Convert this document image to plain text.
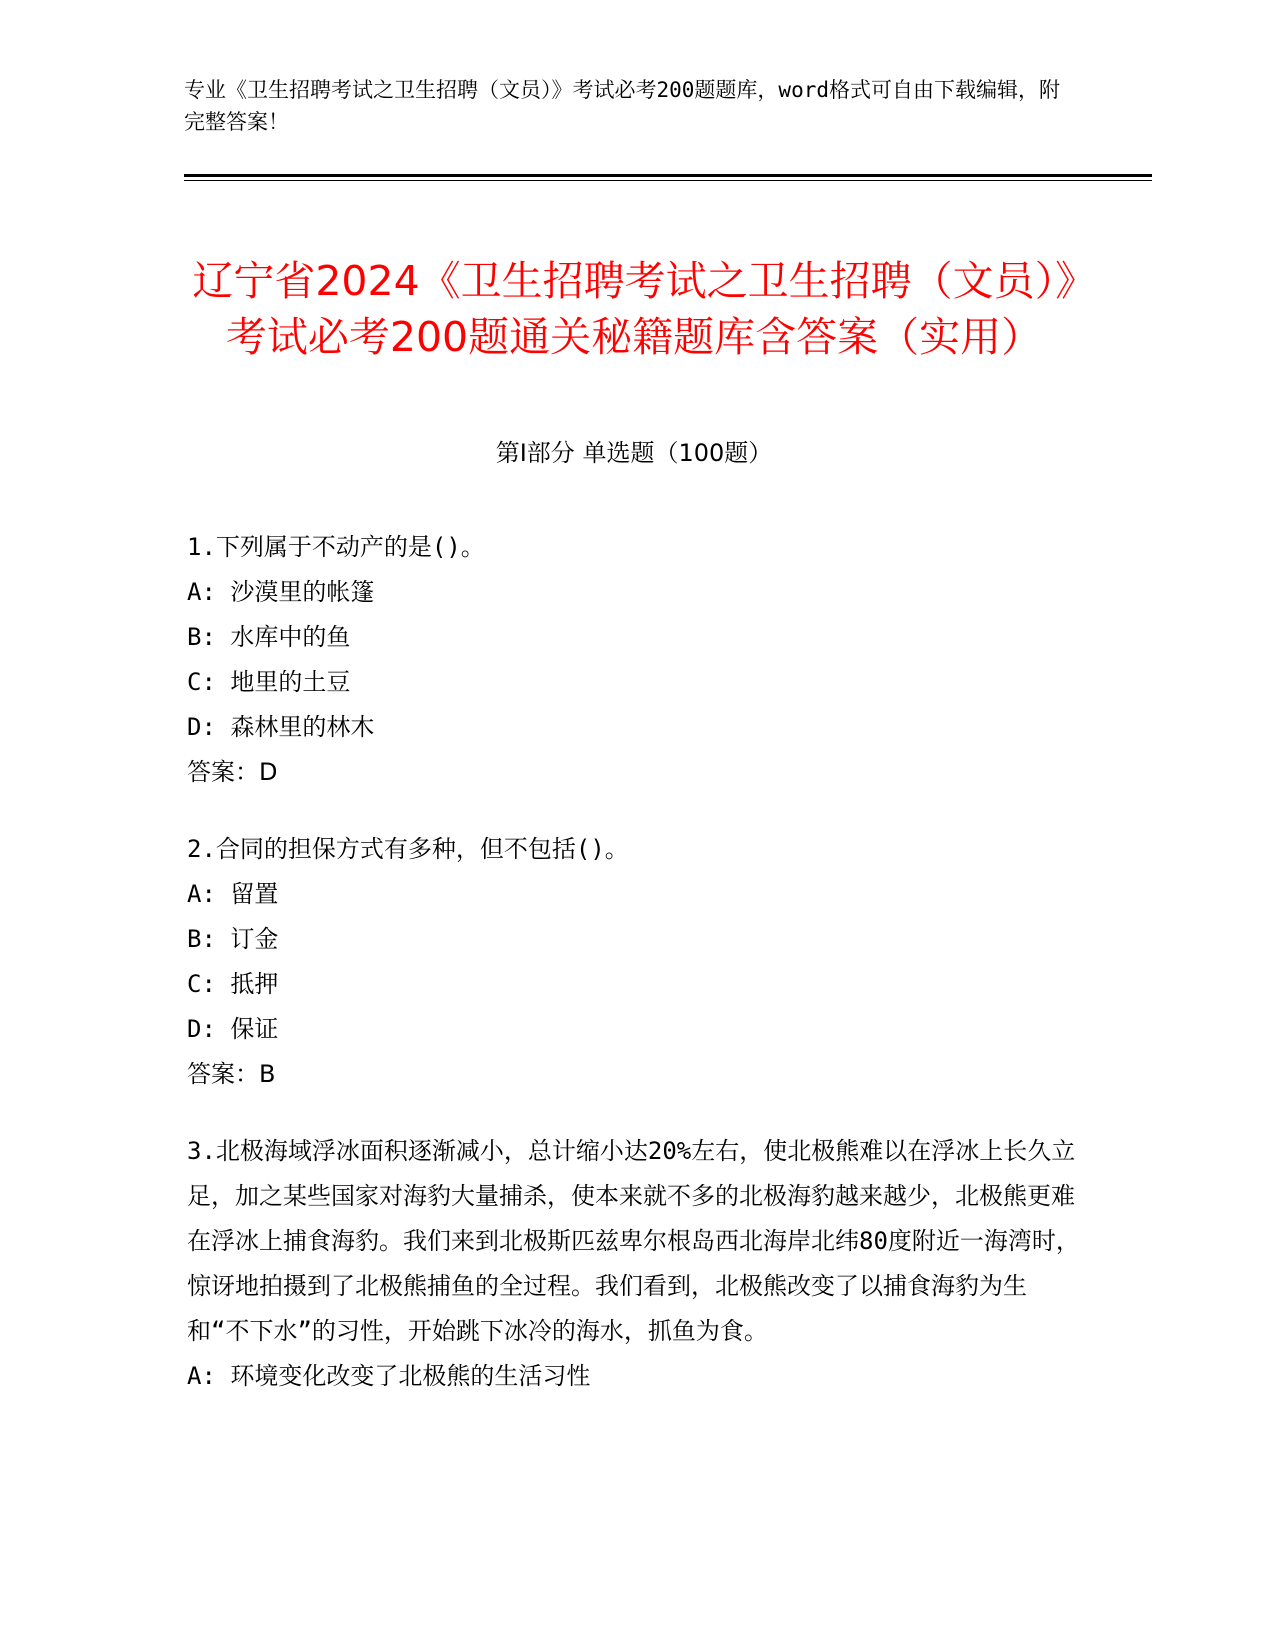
专业《卫生招聘考试之卫生招聘（文员）》考试必考200题题库，word格式可自由下载编辑，附完整答案！
辽宁省2024《卫生招聘考试之卫生招聘（文员）》考试必考200题通关秘籍题库含答案（实用）
第Ⅰ部分 单选题（100题）
1.下列属于不动产的是()。
A: 沙漠里的帐篷
B: 水库中的鱼
C: 地里的土豆
D: 森林里的林木
答案：D
2.合同的担保方式有多种，但不包括()。
A: 留置
B: 订金
C: 抵押
D: 保证
答案：B
3.北极海域浮冰面积逐渐减小，总计缩小达20%左右，使北极熊难以在浮冰上长久立足，加之某些国家对海豹大量捕杀，使本来就不多的北极海豹越来越少，北极熊更难在浮冰上捕食海豹。我们来到北极斯匹兹卑尔根岛西北海岸北纬80度附近一海湾时，惊讶地拍摄到了北极熊捕鱼的全过程。我们看到，北极熊改变了以捕食海豹为生和“不下水”的习性，开始跳下冰冷的海水，抓鱼为食。
A: 环境变化改变了北极熊的生活习性
